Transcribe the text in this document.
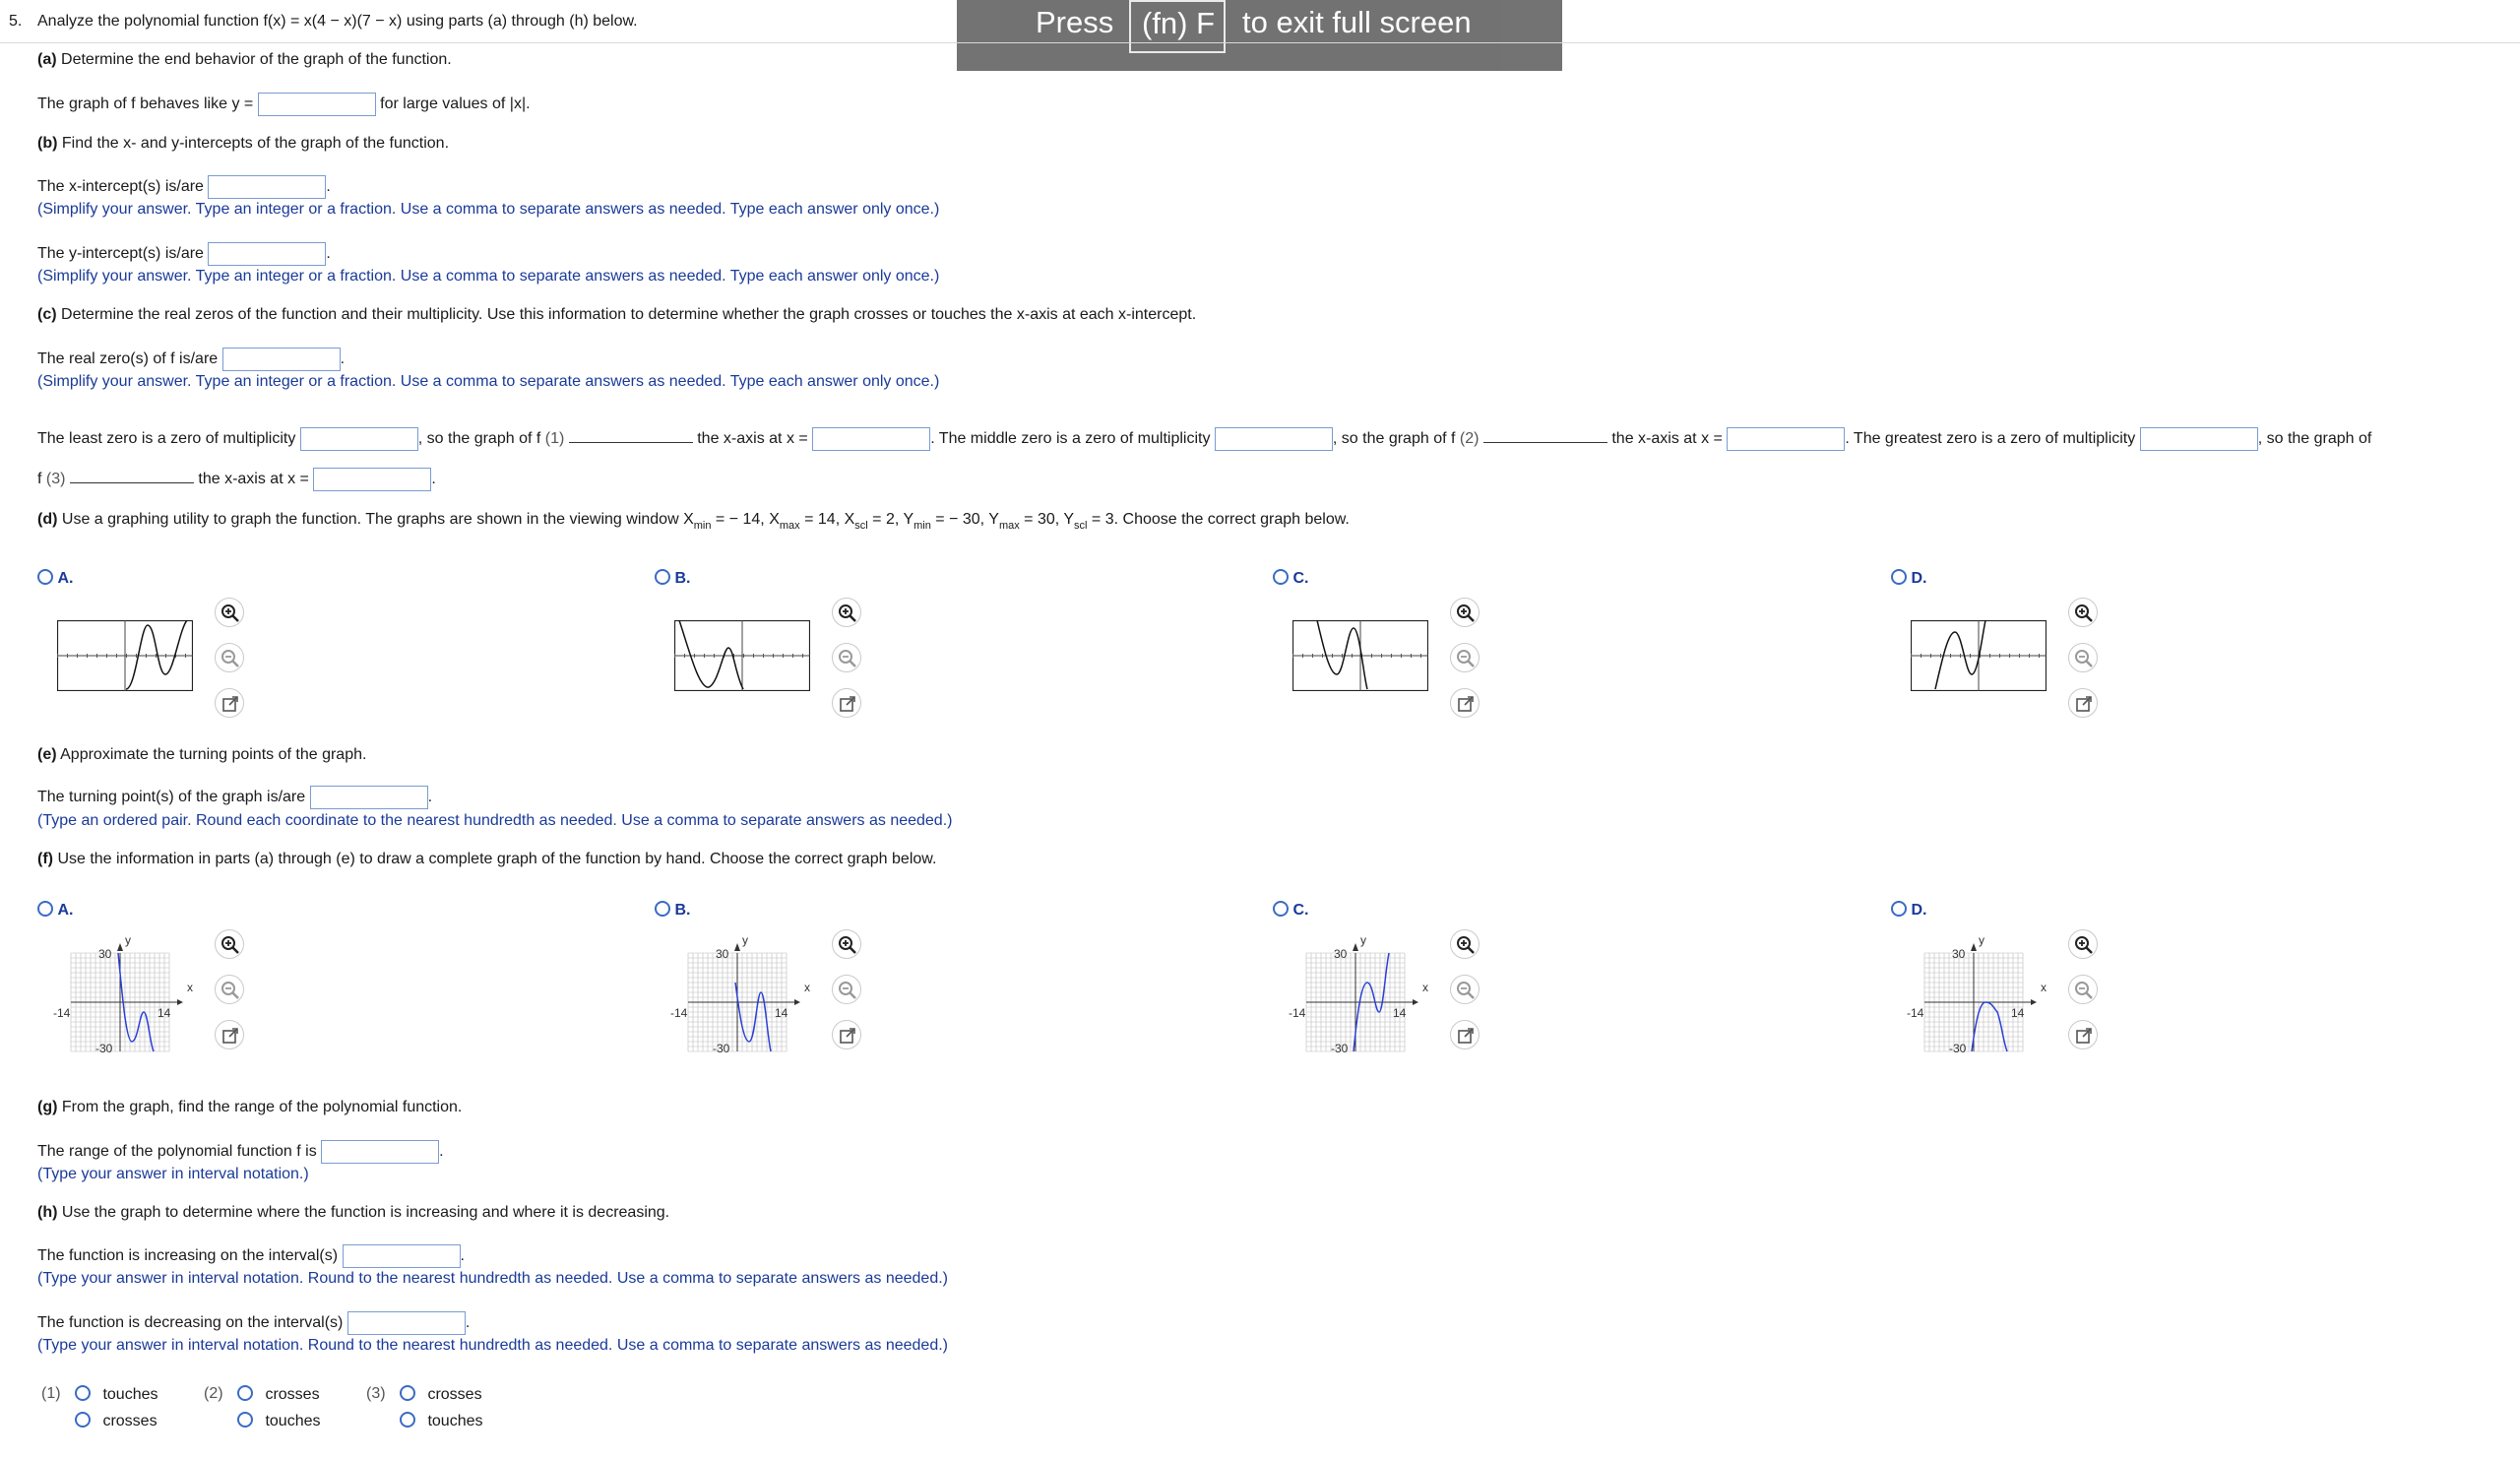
Press (fn) F to exit full screen
5. Analyze the polynomial function f(x) = x(4 − x)(7 − x) using parts (a) through (h) below.
(a) Determine the end behavior of the graph of the function.
The graph of f behaves like y =	for large values of |x|.
(b) Find the x- and y-intercepts of the graph of the function.
The x-intercept(s) is/are	.
(Simplify your answer. Type an integer or a fraction. Use a comma to separate answers as needed. Type each answer only once.)
The y-intercept(s) is/are	.
(Simplify your answer. Type an integer or a fraction. Use a comma to separate answers as needed. Type each answer only once.)
(c) Determine the real zeros of the function and their multiplicity. Use this information to determine whether the graph crosses or touches the x-axis at each x-intercept.
The real zero(s) of f is/are	.
(Simplify your answer. Type an integer or a fraction. Use a comma to separate answers as needed. Type each answer only once.)
The least zero is a zero of multiplicity	, so the graph of f (1)	the x-axis at x =	. The middle zero is a zero of multiplicity	, so the graph of f (2)	the x-axis at x =	. The greatest zero is a zero of multiplicity	, so the graph of
f (3)	the x-axis at x =	.
(d) Use a graphing utility to graph the function. The graphs are shown in the viewing window $X_{min}$ = − 14, $X_{max} = 14$, $X_{scl} = 2$, $Y_{min}$ = − 30, $Y_{max} = 30$, $Y_{scl} = 3$. Choose the correct graph below.
A.	B.	C.	D.
(e) Approximate the turning points of the graph.
The turning point(s) of the graph is/are	.
(Type an ordered pair. Round each coordinate to the nearest hundredth as needed. Use a comma to separate answers as needed.)
(f) Use the information in parts (a) through (e) to draw a complete graph of the function by hand. Choose the correct graph below.
A.
y
x
30
-30
-14	14
B.
y
x
30
-30
-14	14
C.
y
x
30
-30
-14	14
D.
y
x
30
-30
-14	14
(g) From the graph, find the range of the polynomial function.
The range of the polynomial function f is	.
(Type your answer in interval notation.)
(h) Use the graph to determine where the function is increasing and where it is decreasing.
The function is increasing on the interval(s)	.
(Type your answer in interval notation. Round to the nearest hundredth as needed. Use a comma to separate answers as needed.)
The function is decreasing on the interval(s)	.
(Type your answer in interval notation. Round to the nearest hundredth as needed. Use a comma to separate answers as needed.)
(1)	touches
crosses
(2)	crosses
touches
(3)	crosses
touches
